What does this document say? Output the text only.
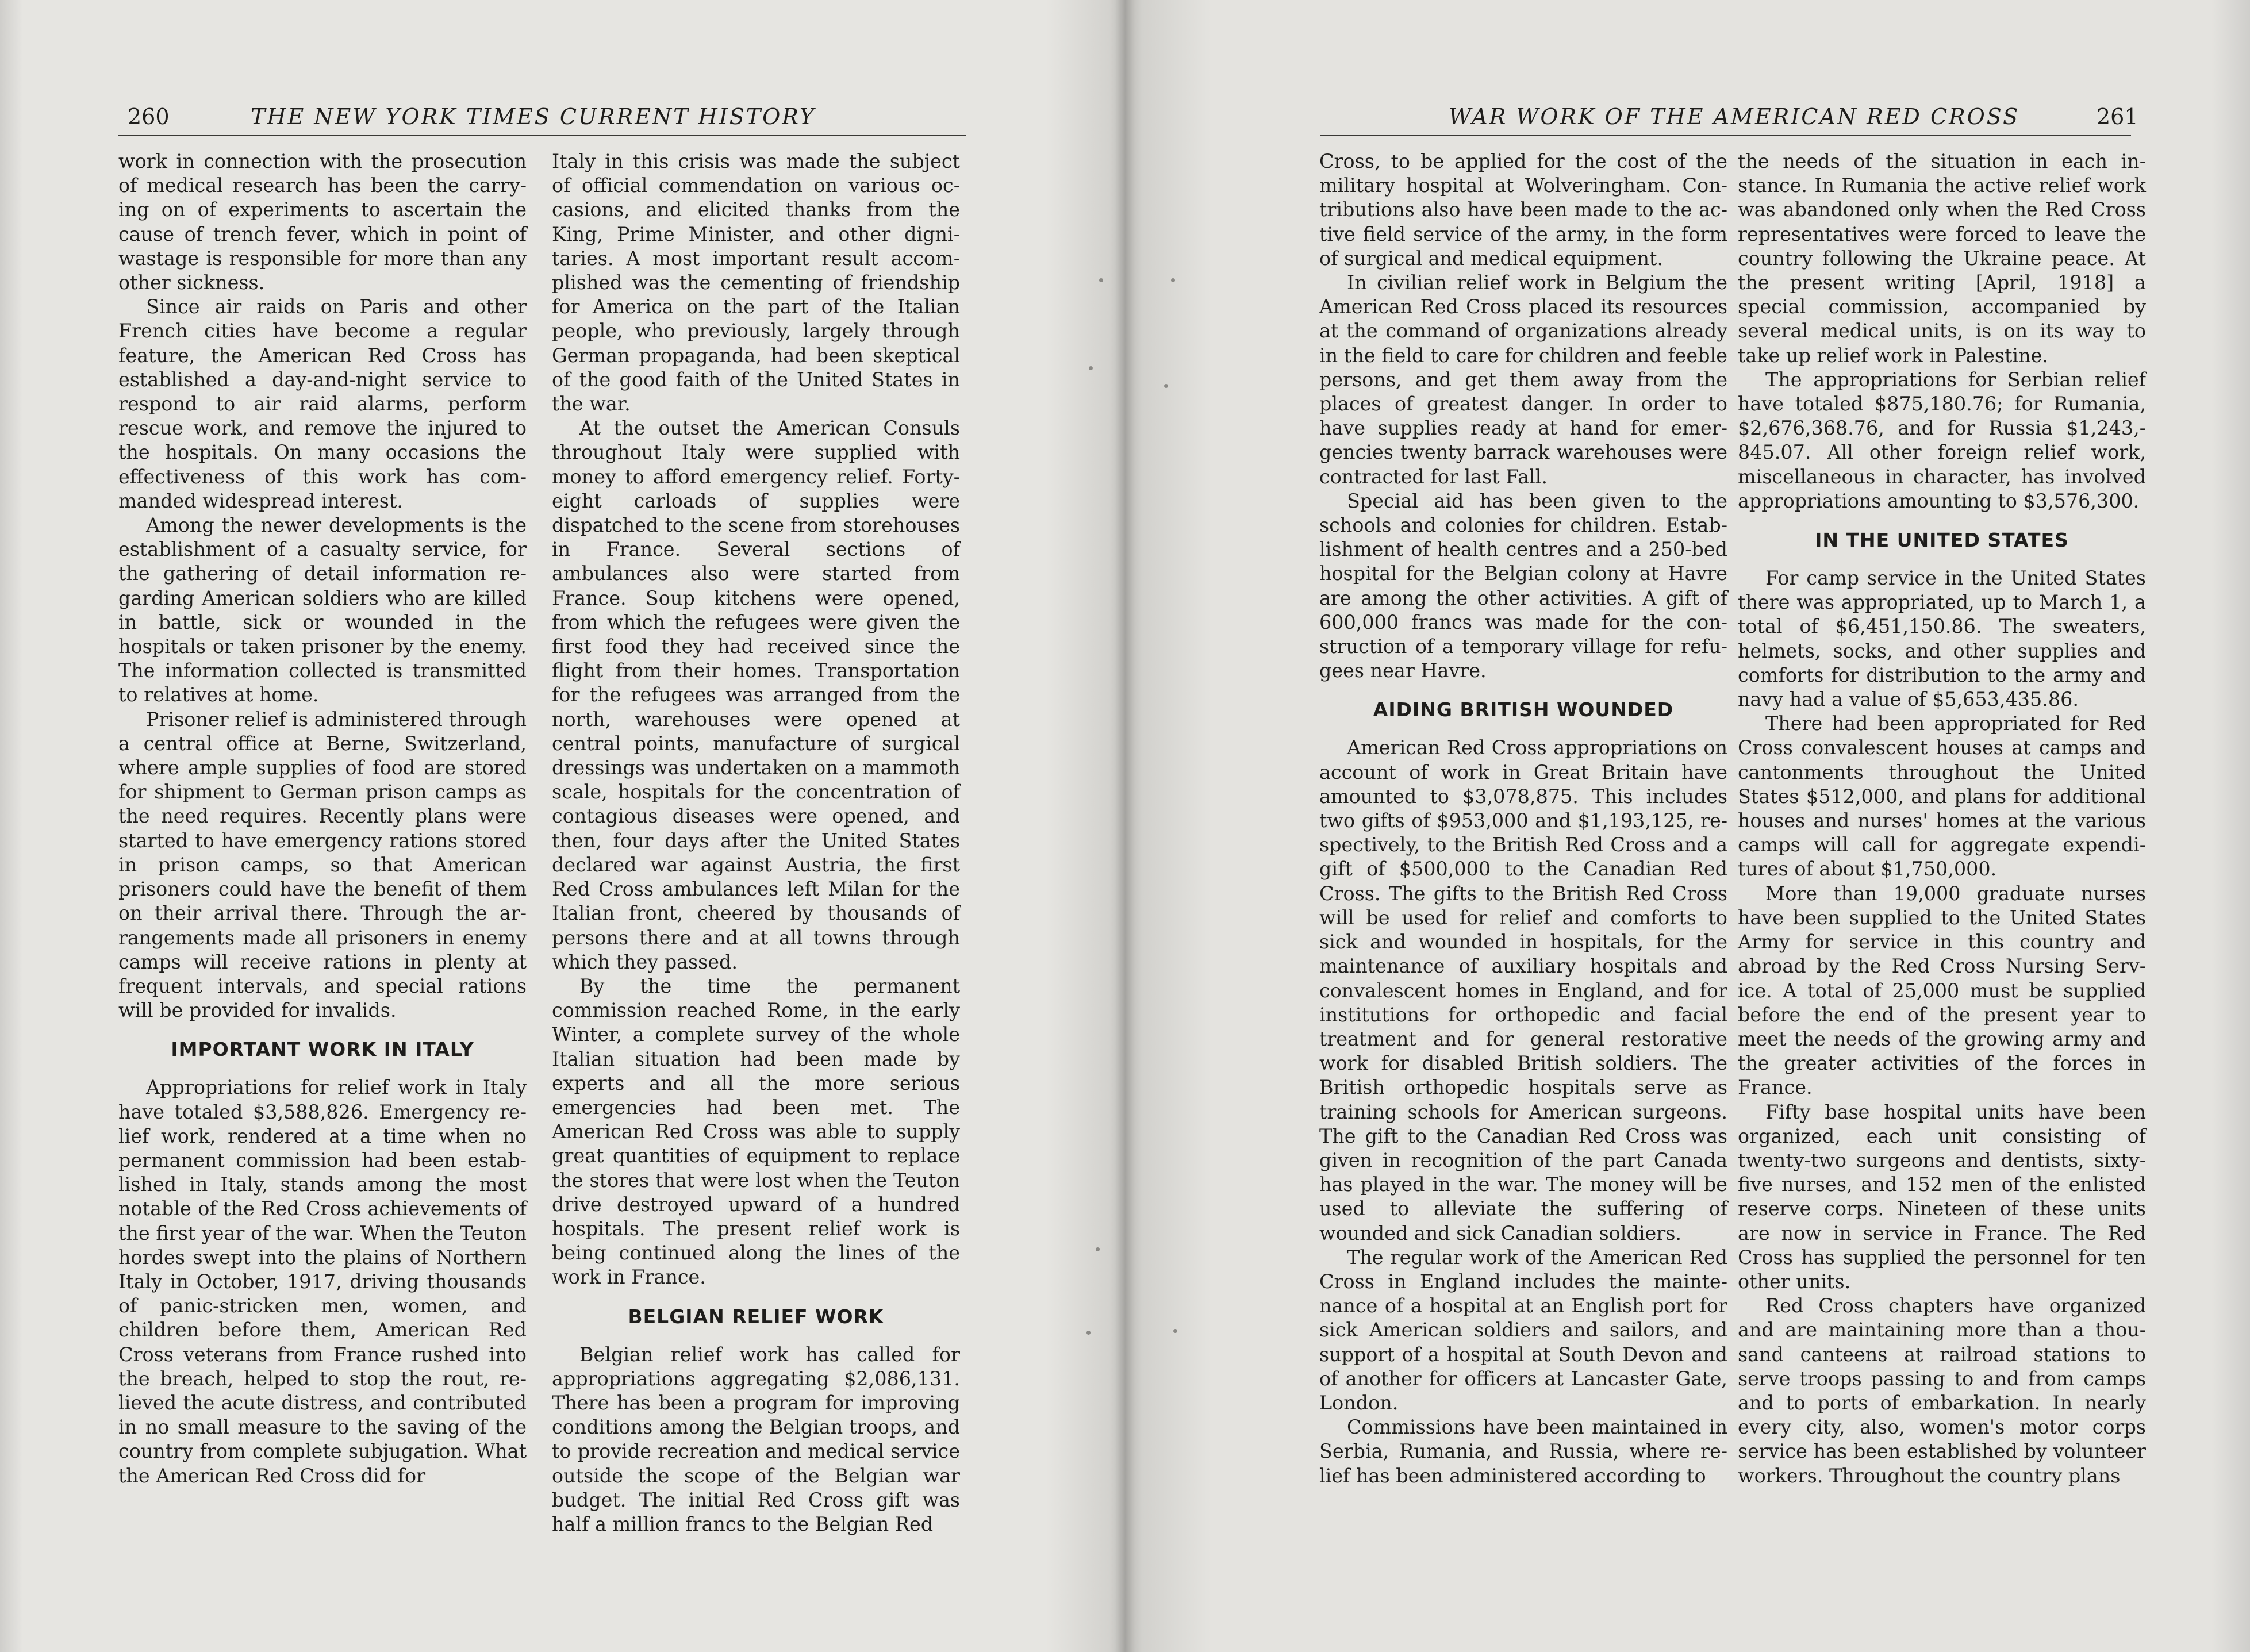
260	THE NEW YORK TIMES CURRENT HISTORY

work in connection with the prosecution of medical research has been the carrying on of experiments to ascertain the cause of trench fever, which in point of wastage is responsible for more than any other sickness.

Since air raids on Paris and other French cities have become a regular feature, the American Red Cross has established a day-and-night service to respond to air raid alarms, perform rescue work, and remove the injured to the hospitals. On many occasions the effectiveness of this work has commanded widespread interest.

Among the newer developments is the establishment of a casualty service, for the gathering of detail information regarding American soldiers who are killed in battle, sick or wounded in the hospitals or taken prisoner by the enemy. The information collected is transmitted to relatives at home.

Prisoner relief is administered through a central office at Berne, Switzerland, where ample supplies of food are stored for shipment to German prison camps as the need requires. Recently plans were started to have emergency rations stored in prison camps, so that American prisoners could have the benefit of them on their arrival there. Through the arrangements made all prisoners in enemy camps will receive rations in plenty at frequent intervals, and special rations will be provided for invalids.

IMPORTANT WORK IN ITALY

Appropriations for relief work in Italy have totaled $3,588,826. Emergency relief work, rendered at a time when no permanent commission had been established in Italy, stands among the most notable of the Red Cross achievements of the first year of the war. When the Teuton hordes swept into the plains of Northern Italy in October, 1917, driving thousands of panic-stricken men, women, and children before them, American Red Cross veterans from France rushed into the breach, helped to stop the rout, relieved the acute distress, and contributed in no small measure to the saving of the country from complete subjugation. What the American Red Cross did for

Italy in this crisis was made the subject of official commendation on various occasions, and elicited thanks from the King, Prime Minister, and other dignitaries. A most important result accomplished was the cementing of friendship for America on the part of the Italian people, who previously, largely through German propaganda, had been skeptical of the good faith of the United States in the war.

At the outset the American Consuls throughout Italy were supplied with money to afford emergency relief. Forty-eight carloads of supplies were dispatched to the scene from storehouses in France. Several sections of ambulances also were started from France. Soup kitchens were opened, from which the refugees were given the first food they had received since the flight from their homes. Transportation for the refugees was arranged from the north, warehouses were opened at central points, manufacture of surgical dressings was undertaken on a mammoth scale, hospitals for the concentration of contagious diseases were opened, and then, four days after the United States declared war against Austria, the first Red Cross ambulances left Milan for the Italian front, cheered by thousands of persons there and at all towns through which they passed.

By the time the permanent commission reached Rome, in the early Winter, a complete survey of the whole Italian situation had been made by experts and all the more serious emergencies had been met. The American Red Cross was able to supply great quantities of equipment to replace the stores that were lost when the Teuton drive destroyed upward of a hundred hospitals. The present relief work is being continued along the lines of the work in France.

BELGIAN RELIEF WORK

Belgian relief work has called for appropriations aggregating $2,086,131. There has been a program for improving conditions among the Belgian troops, and to provide recreation and medical service outside the scope of the Belgian war budget. The initial Red Cross gift was half a million francs to the Belgian Red

WAR WORK OF THE AMERICAN RED CROSS	261

Cross, to be applied for the cost of the military hospital at Wolveringham. Contributions also have been made to the active field service of the army, in the form of surgical and medical equipment.

In civilian relief work in Belgium the American Red Cross placed its resources at the command of organizations already in the field to care for children and feeble persons, and get them away from the places of greatest danger. In order to have supplies ready at hand for emergencies twenty barrack warehouses were contracted for last Fall.

Special aid has been given to the schools and colonies for children. Establishment of health centres and a 250-bed hospital for the Belgian colony at Havre are among the other activities. A gift of 600,000 francs was made for the construction of a temporary village for refugees near Havre.

AIDING BRITISH WOUNDED

American Red Cross appropriations on account of work in Great Britain have amounted to $3,078,875. This includes two gifts of $953,000 and $1,193,125, respectively, to the British Red Cross and a gift of $500,000 to the Canadian Red Cross. The gifts to the British Red Cross will be used for relief and comforts to sick and wounded in hospitals, for the maintenance of auxiliary hospitals and convalescent homes in England, and for institutions for orthopedic and facial treatment and for general restorative work for disabled British soldiers. The British orthopedic hospitals serve as training schools for American surgeons. The gift to the Canadian Red Cross was given in recognition of the part Canada has played in the war. The money will be used to alleviate the suffering of wounded and sick Canadian soldiers.

The regular work of the American Red Cross in England includes the maintenance of a hospital at an English port for sick American soldiers and sailors, and support of a hospital at South Devon and of another for officers at Lancaster Gate, London.

Commissions have been maintained in Serbia, Rumania, and Russia, where relief has been administered according to

the needs of the situation in each instance. In Rumania the active relief work was abandoned only when the Red Cross representatives were forced to leave the country following the Ukraine peace. At the present writing [April, 1918] a special commission, accompanied by several medical units, is on its way to take up relief work in Palestine.

The appropriations for Serbian relief have totaled $875,180.76; for Rumania, $2,676,368.76, and for Russia $1,243,845.07. All other foreign relief work, miscellaneous in character, has involved appropriations amounting to $3,576,300.

IN THE UNITED STATES

For camp service in the United States there was appropriated, up to March 1, a total of $6,451,150.86. The sweaters, helmets, socks, and other supplies and comforts for distribution to the army and navy had a value of $5,653,435.86.

There had been appropriated for Red Cross convalescent houses at camps and cantonments throughout the United States $512,000, and plans for additional houses and nurses' homes at the various camps will call for aggregate expenditures of about $1,750,000.

More than 19,000 graduate nurses have been supplied to the United States Army for service in this country and abroad by the Red Cross Nursing Service. A total of 25,000 must be supplied before the end of the present year to meet the needs of the growing army and the greater activities of the forces in France.

Fifty base hospital units have been organized, each unit consisting of twenty-two surgeons and dentists, sixty-five nurses, and 152 men of the enlisted reserve corps. Nineteen of these units are now in service in France. The Red Cross has supplied the personnel for ten other units.

Red Cross chapters have organized and are maintaining more than a thousand canteens at railroad stations to serve troops passing to and from camps and to ports of embarkation. In nearly every city, also, women's motor corps service has been established by volunteer workers. Throughout the country plans
